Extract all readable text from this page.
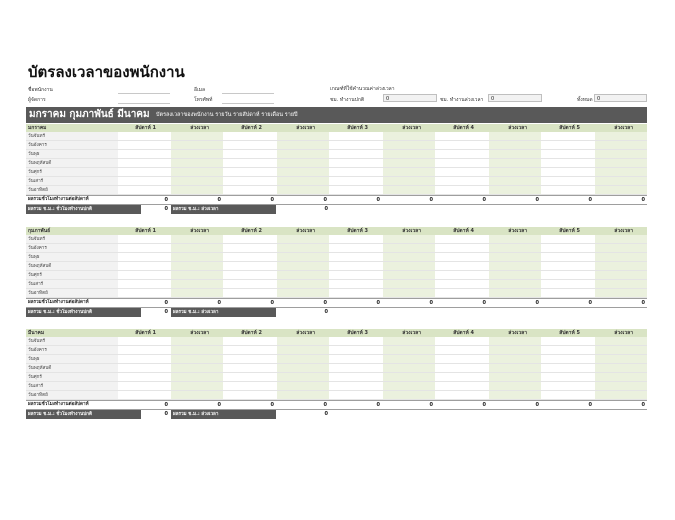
บัตรลงเวลาของพนักงาน
ชื่อพนักงาน
ผู้จัดการ
อีเมล
โทรศัพท์
เกณฑ์ที่ใช้คำนวณค่าล่วงเวลา
ชม. ทำงานปกติ	0	ชม. ทำงานล่วงเวลา	0	ทั้งหมด 0
มกราคม กุมภาพันธ์ มีนาคม บัตรลงเวลาของพนักงาน รายวัน รายสัปดาห์ รายเดือน รายปี
มกราคม	สัปดาห์ 1	ล่วงเวลา	สัปดาห์ 2	ล่วงเวลา	สัปดาห์ 3	ล่วงเวลา	สัปดาห์ 4	ล่วงเวลา	สัปดาห์ 5	ล่วงเวลา
วันจันทร์
วันอังคาร
วันพุธ
วันพฤหัสบดี
วันศุกร์
วันเสาร์
วันอาทิตย์
ผลรวมชั่วโมงทำงานต่อสัปดาห์	0	0	0	0	0	0	0	0	0	0
ผลรวม ช.ม.: ชั่วโมงทำงานปกติ	0	ผลรวม ช.ม.: ล่วงเวลา	0
กุมภาพันธ์	สัปดาห์ 1	ล่วงเวลา	สัปดาห์ 2	ล่วงเวลา	สัปดาห์ 3	ล่วงเวลา	สัปดาห์ 4	ล่วงเวลา	สัปดาห์ 5	ล่วงเวลา
วันจันทร์
วันอังคาร
วันพุธ
วันพฤหัสบดี
วันศุกร์
วันเสาร์
วันอาทิตย์
ผลรวมชั่วโมงทำงานต่อสัปดาห์	0	0	0	0	0	0	0	0	0	0
ผลรวม ช.ม.: ชั่วโมงทำงานปกติ	0	ผลรวม ช.ม.: ล่วงเวลา	0
มีนาคม	สัปดาห์ 1	ล่วงเวลา	สัปดาห์ 2	ล่วงเวลา	สัปดาห์ 3	ล่วงเวลา	สัปดาห์ 4	ล่วงเวลา	สัปดาห์ 5	ล่วงเวลา
วันจันทร์
วันอังคาร
วันพุธ
วันพฤหัสบดี
วันศุกร์
วันเสาร์
วันอาทิตย์
ผลรวมชั่วโมงทำงานต่อสัปดาห์	0	0	0	0	0	0	0	0	0	0
ผลรวม ช.ม.: ชั่วโมงทำงานปกติ	0	ผลรวม ช.ม.: ล่วงเวลา	0
